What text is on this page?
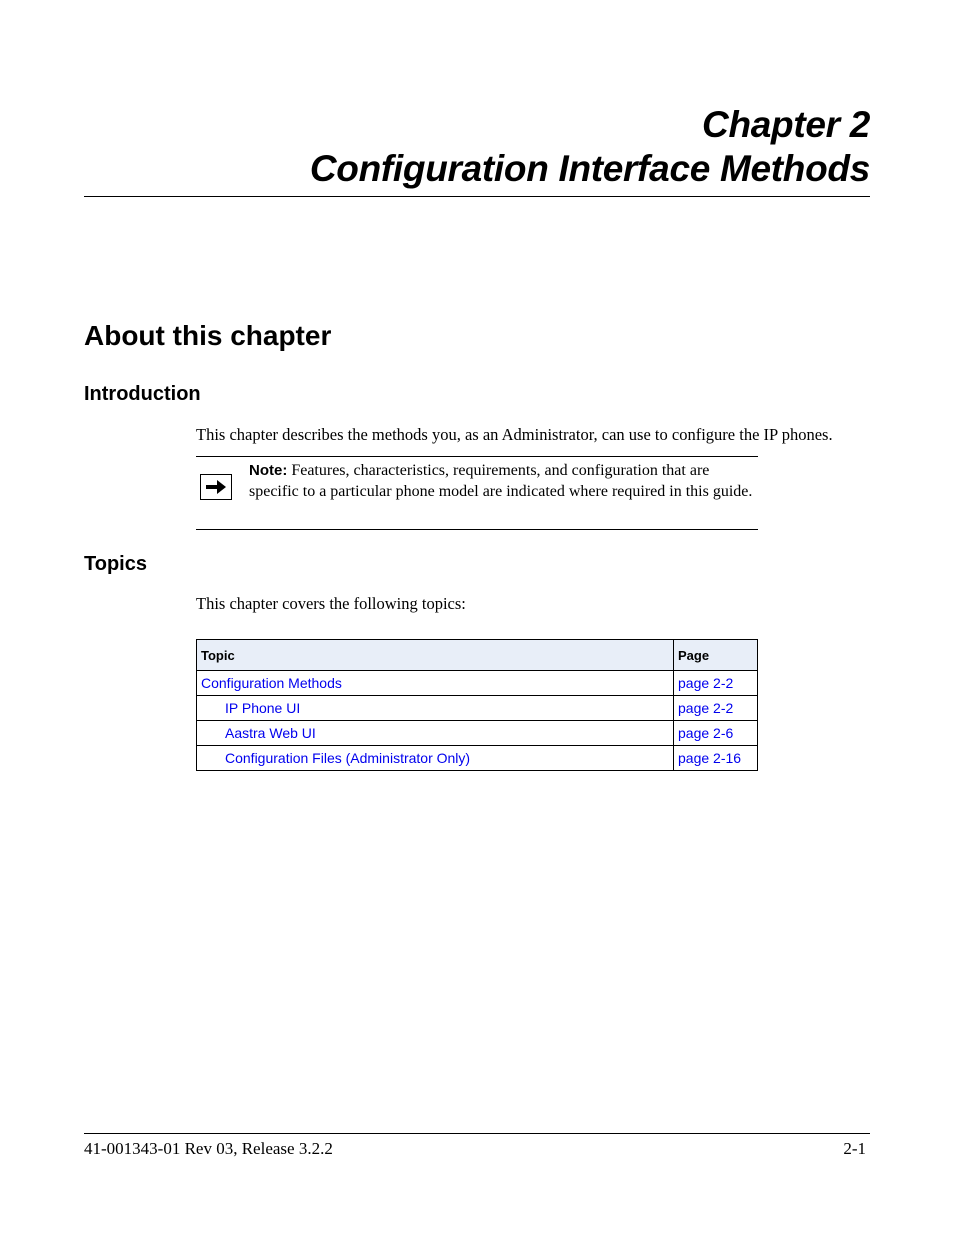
Chapter 2
Configuration Interface Methods
About this chapter
Introduction
This chapter describes the methods you, as an Administrator, can use to configure the IP phones.
Note: Features, characteristics, requirements, and configuration that are specific to a particular phone model are indicated where required in this guide.
Topics
This chapter covers the following topics:
Topic	Page
Configuration Methods	page 2-2
IP Phone UI	page 2-2
Aastra Web UI	page 2-6
Configuration Files (Administrator Only)	page 2-16
41-001343-01 Rev 03, Release 3.2.2	2-1
